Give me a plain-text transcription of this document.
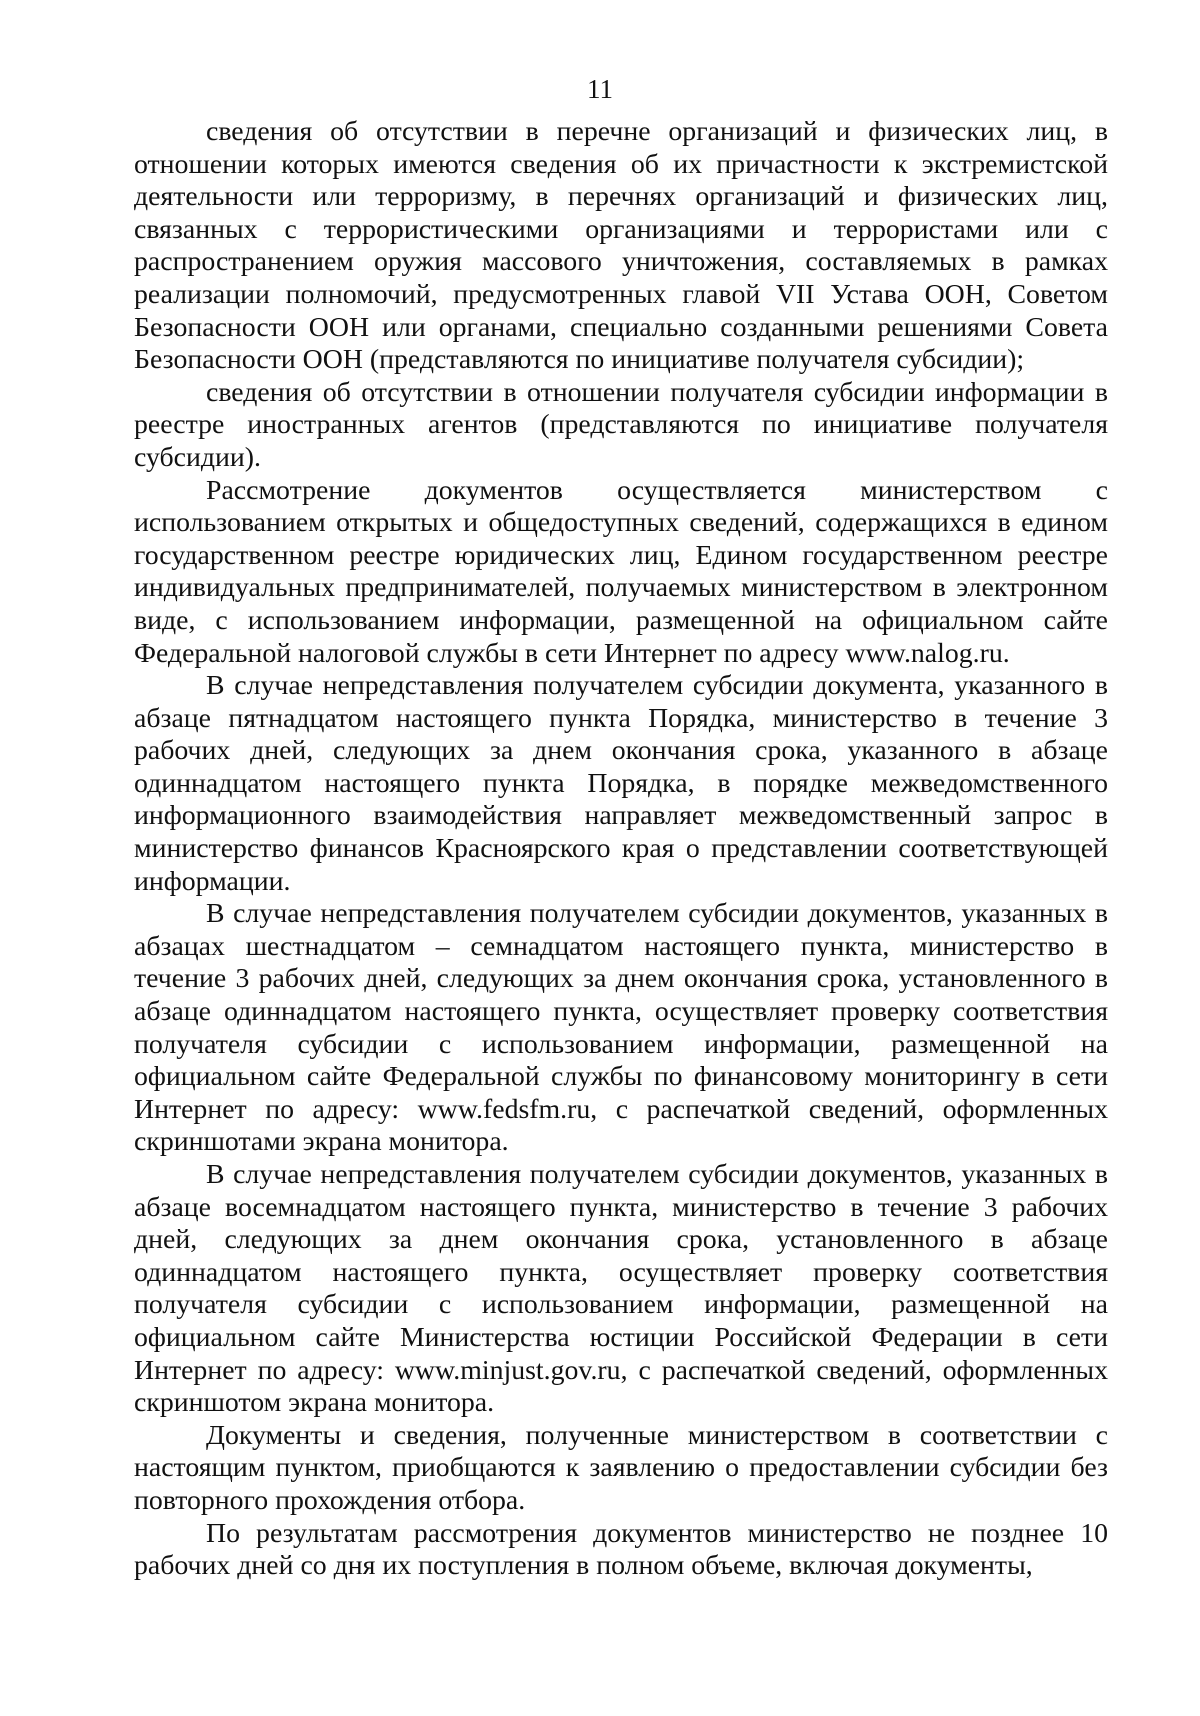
11

сведения об отсутствии в перечне организаций и физических лиц, в отношении которых имеются сведения об их причастности к экстремистской деятельности или терроризму, в перечнях организаций и физических лиц, связанных с террористическими организациями и террористами или с распространением оружия массового уничтожения, составляемых в рамках реализации полномочий, предусмотренных главой VII Устава ООН, Советом Безопасности ООН или органами, специально созданными решениями Совета Безопасности ООН (представляются по инициативе получателя субсидии);

сведения об отсутствии в отношении получателя субсидии информации в реестре иностранных агентов (представляются по инициативе получателя субсидии).

Рассмотрение документов осуществляется министерством с использованием открытых и общедоступных сведений, содержащихся в едином государственном реестре юридических лиц, Едином государственном реестре индивидуальных предпринимателей, получаемых министерством в электронном виде, с использованием информации, размещенной на официальном сайте Федеральной налоговой службы в сети Интернет по адресу www.nalog.ru.

В случае непредставления получателем субсидии документа, указанного в абзаце пятнадцатом настоящего пункта Порядка, министерство в течение 3 рабочих дней, следующих за днем окончания срока, указанного в абзаце одиннадцатом настоящего пункта Порядка, в порядке межведомственного информационного взаимодействия направляет межведомственный запрос в министерство финансов Красноярского края о представлении соответствующей информации.

В случае непредставления получателем субсидии документов, указанных в абзацах шестнадцатом – семнадцатом настоящего пункта, министерство в течение 3 рабочих дней, следующих за днем окончания срока, установленного в абзаце одиннадцатом настоящего пункта, осуществляет проверку соответствия получателя субсидии с использованием информации, размещенной на официальном сайте Федеральной службы по финансовому мониторингу в сети Интернет по адресу: www.fedsfm.ru, с распечаткой сведений, оформленных скриншотами экрана монитора.

В случае непредставления получателем субсидии документов, указанных в абзаце восемнадцатом настоящего пункта, министерство в течение 3 рабочих дней, следующих за днем окончания срока, установленного в абзаце одиннадцатом настоящего пункта, осуществляет проверку соответствия получателя субсидии с использованием информации, размещенной на официальном сайте Министерства юстиции Российской Федерации в сети Интернет по адресу: www.minjust.gov.ru, с распечаткой сведений, оформленных скриншотом экрана монитора.

Документы и сведения, полученные министерством в соответствии с настоящим пунктом, приобщаются к заявлению о предоставлении субсидии без повторного прохождения отбора.

По результатам рассмотрения документов министерство не позднее 10 рабочих дней со дня их поступления в полном объеме, включая документы,
